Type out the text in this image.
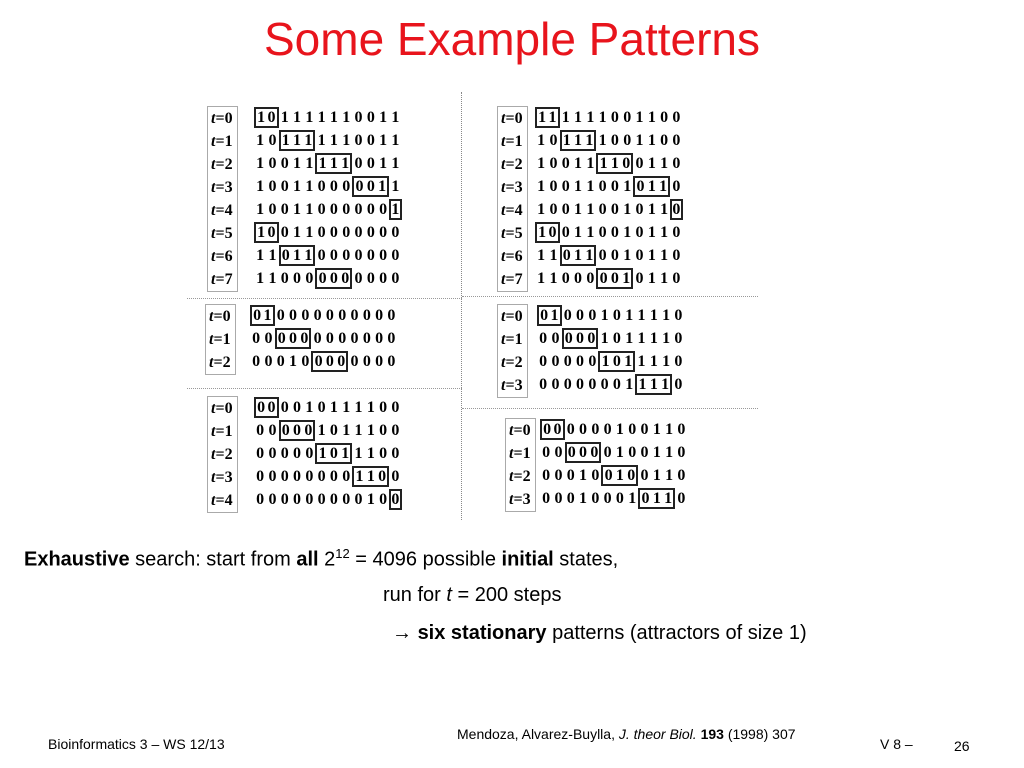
Some Example Patterns
t=0
t=1
t=2
t=3
t=4
t=5
t=6
t=7
1 0 1 1 1 1 1 1 0 0 1 1
1 0 1 1 1 1 1 1 0 0 1 1
1 0 0 1 1 1 1 1 0 0 1 1
1 0 0 1 1 0 0 0 0 0 1 1
1 0 0 1 1 0 0 0 0 0 0 1
1 0 0 1 1 0 0 0 0 0 0 0
1 1 0 1 1 0 0 0 0 0 0 0
1 1 0 0 0 0 0 0 0 0 0 0
t=0
t=1
t=2
t=3
t=4
t=5
t=6
t=7
1 1 1 1 1 1 0 0 1 1 0 0
1 0 1 1 1 1 0 0 1 1 0 0
1 0 0 1 1 1 1 0 0 1 1 0
1 0 0 1 1 0 0 1 0 1 1 0
1 0 0 1 1 0 0 1 0 1 1 0
1 0 0 1 1 0 0 1 0 1 1 0
1 1 0 1 1 0 0 1 0 1 1 0
1 1 0 0 0 0 0 1 0 1 1 0
t=0
t=1
t=2
0 1 0 0 0 0 0 0 0 0 0 0
0 0 0 0 0 0 0 0 0 0 0 0
0 0 0 1 0 0 0 0 0 0 0 0
t=0
t=1
t=2
t=3
0 1 0 0 0 1 0 1 1 1 1 0
0 0 0 0 0 1 0 1 1 1 1 0
0 0 0 0 0 1 0 1 1 1 1 0
0 0 0 0 0 0 0 1 1 1 1 0
t=0
t=1
t=2
t=3
t=4
0 0 0 0 1 0 1 1 1 1 0 0
0 0 0 0 0 1 0 1 1 1 0 0
0 0 0 0 0 1 0 1 1 1 0 0
0 0 0 0 0 0 0 0 1 1 0 0
0 0 0 0 0 0 0 0 0 1 0 0
t=0
t=1
t=2
t=3
0 0 0 0 0 0 1 0 0 1 1 0
0 0 0 0 0 0 1 0 0 1 1 0
0 0 0 1 0 0 1 0 0 1 1 0
0 0 0 1 0 0 0 1 0 1 1 0
Exhaustive search: start from all $2^{12} = 4096$ possible initial states,
run for t = 200 steps
→ six stationary patterns (attractors of size 1)
Bioinformatics 3 – WS 12/13
Mendoza, Alvarez-Buylla, J. theor Biol. 193 (1998) 307
V 8 –	26
